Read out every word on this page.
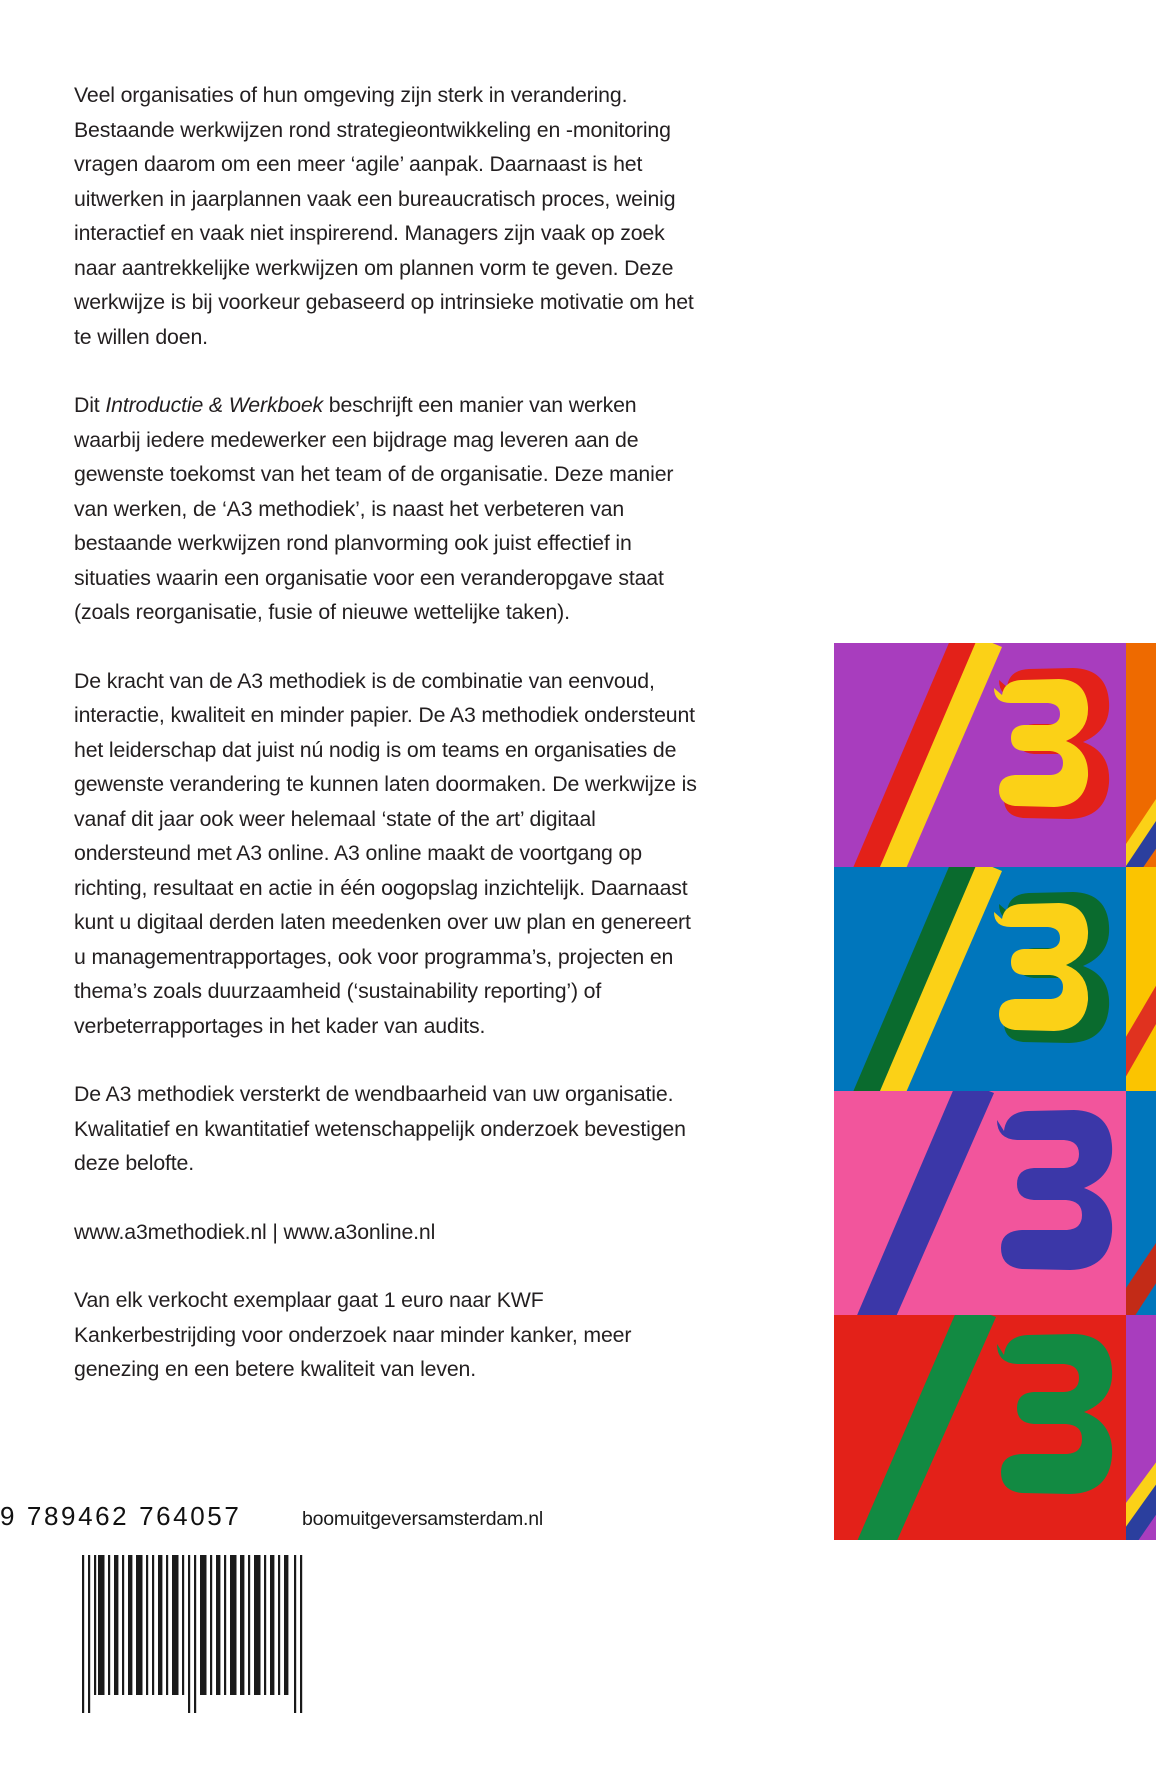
Veel organisaties of hun omgeving zijn sterk in verandering. Bestaande werkwijzen rond strategieontwikkeling en -monitoring vragen daarom om een meer ‘agile’ aanpak. Daarnaast is het uitwerken in jaarplannen vaak een bureaucratisch proces, weinig interactief en vaak niet inspirerend. Managers zijn vaak op zoek naar aantrekkelijke werkwijzen om plannen vorm te geven. Deze werkwijze is bij voorkeur gebaseerd op intrinsieke motivatie om het te willen doen.

Dit Introductie & Werkboek beschrijft een manier van werken waarbij iedere medewerker een bijdrage mag leveren aan de gewenste toekomst van het team of de organisatie. Deze manier van werken, de ‘A3 methodiek’, is naast het verbeteren van bestaande werkwijzen rond planvorming ook juist effectief in situaties waarin een organisatie voor een veranderopgave staat (zoals reorganisatie, fusie of nieuwe wettelijke taken).

De kracht van de A3 methodiek is de combinatie van eenvoud, interactie, kwaliteit en minder papier. De A3 methodiek ondersteunt het leiderschap dat juist nú nodig is om teams en organisaties de gewenste verandering te kunnen laten doormaken. De werkwijze is vanaf dit jaar ook weer helemaal ‘state of the art’ digitaal ondersteund met A3 online. A3 online maakt de voortgang op richting, resultaat en actie in één oogopslag inzichtelijk. Daarnaast kunt u digitaal derden laten meedenken over uw plan en genereert u managementrapportages, ook voor programma’s, projecten en thema’s zoals duurzaamheid (‘sustainability reporting’) of verbeterrapportages in het kader van audits.

De A3 methodiek versterkt de wendbaarheid van uw organisatie. Kwalitatief en kwantitatief wetenschappelijk onderzoek bevestigen deze belofte.

www.a3methodiek.nl | www.a3online.nl

Van elk verkocht exemplaar gaat 1 euro naar KWF Kankerbestrijding voor onderzoek naar minder kanker, meer genezing en een betere kwaliteit van leven.

9 789462 764057	boomuitgeversamsterdam.nl
